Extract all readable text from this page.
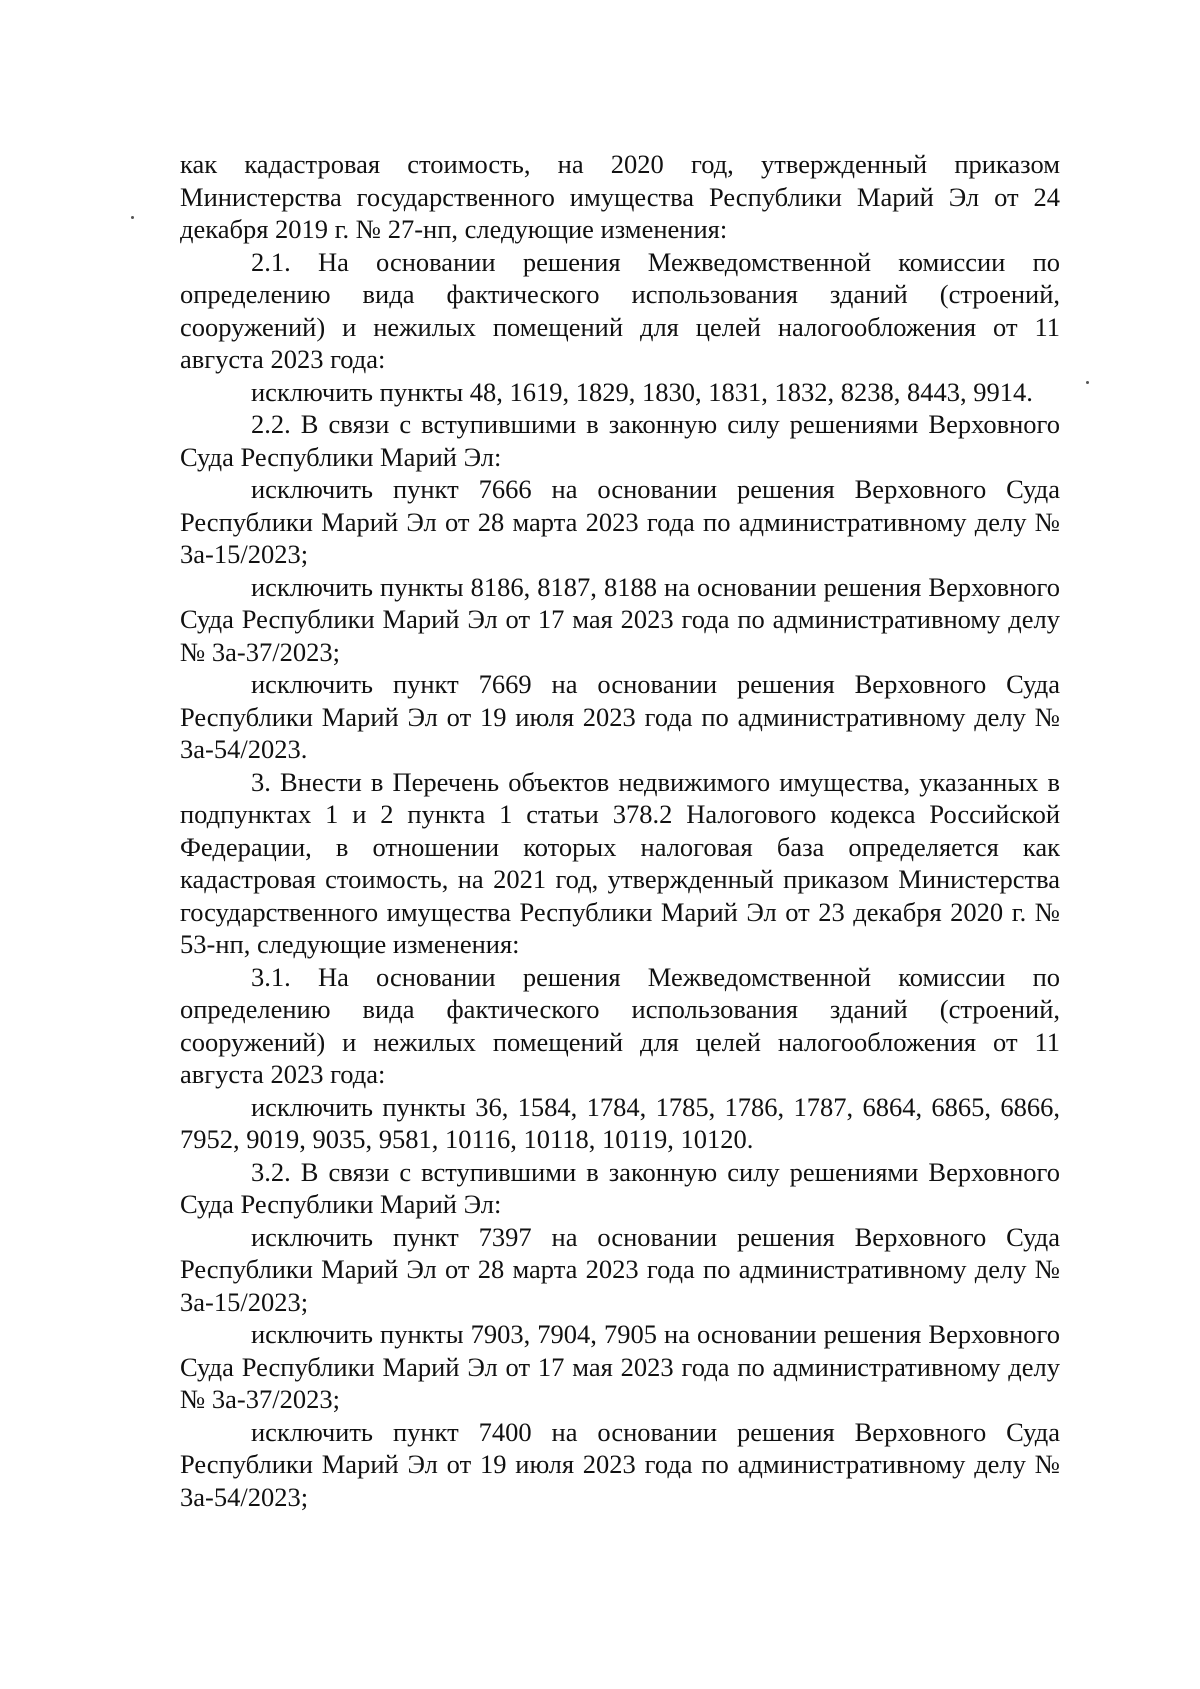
как кадастровая стоимость, на 2020 год, утвержденный приказом Министерства государственного имущества Республики Марий Эл от 24 декабря 2019 г. № 27-нп, следующие изменения:

2.1. На основании решения Межведомственной комиссии по определению вида фактического использования зданий (строений, сооружений) и нежилых помещений для целей налогообложения от 11 августа 2023 года:

исключить пункты 48, 1619, 1829, 1830, 1831, 1832, 8238, 8443, 9914.

2.2. В связи с вступившими в законную силу решениями Верховного Суда Республики Марий Эл:

исключить пункт 7666 на основании решения Верховного Суда Республики Марий Эл от 28 марта 2023 года по административному делу № 3а-15/2023;

исключить пункты 8186, 8187, 8188 на основании решения Верховного Суда Республики Марий Эл от 17 мая 2023 года по административному делу № 3а-37/2023;

исключить пункт 7669 на основании решения Верховного Суда Республики Марий Эл от 19 июля 2023 года по административному делу № 3а-54/2023.

3. Внести в Перечень объектов недвижимого имущества, указанных в подпунктах 1 и 2 пункта 1 статьи 378.2 Налогового кодекса Российской Федерации, в отношении которых налоговая база определяется как кадастровая стоимость, на 2021 год, утвержденный приказом Министерства государственного имущества Республики Марий Эл от 23 декабря 2020 г. № 53-нп, следующие изменения:

3.1. На основании решения Межведомственной комиссии по определению вида фактического использования зданий (строений, сооружений) и нежилых помещений для целей налогообложения от 11 августа 2023 года:

исключить пункты 36, 1584, 1784, 1785, 1786, 1787, 6864, 6865, 6866, 7952, 9019, 9035, 9581, 10116, 10118, 10119, 10120.

3.2. В связи с вступившими в законную силу решениями Верховного Суда Республики Марий Эл:

исключить пункт 7397 на основании решения Верховного Суда Республики Марий Эл от 28 марта 2023 года по административному делу № 3а-15/2023;

исключить пункты 7903, 7904, 7905 на основании решения Верховного Суда Республики Марий Эл от 17 мая 2023 года по административному делу № 3а-37/2023;

исключить пункт 7400 на основании решения Верховного Суда Республики Марий Эл от 19 июля 2023 года по административному делу № 3а-54/2023;
